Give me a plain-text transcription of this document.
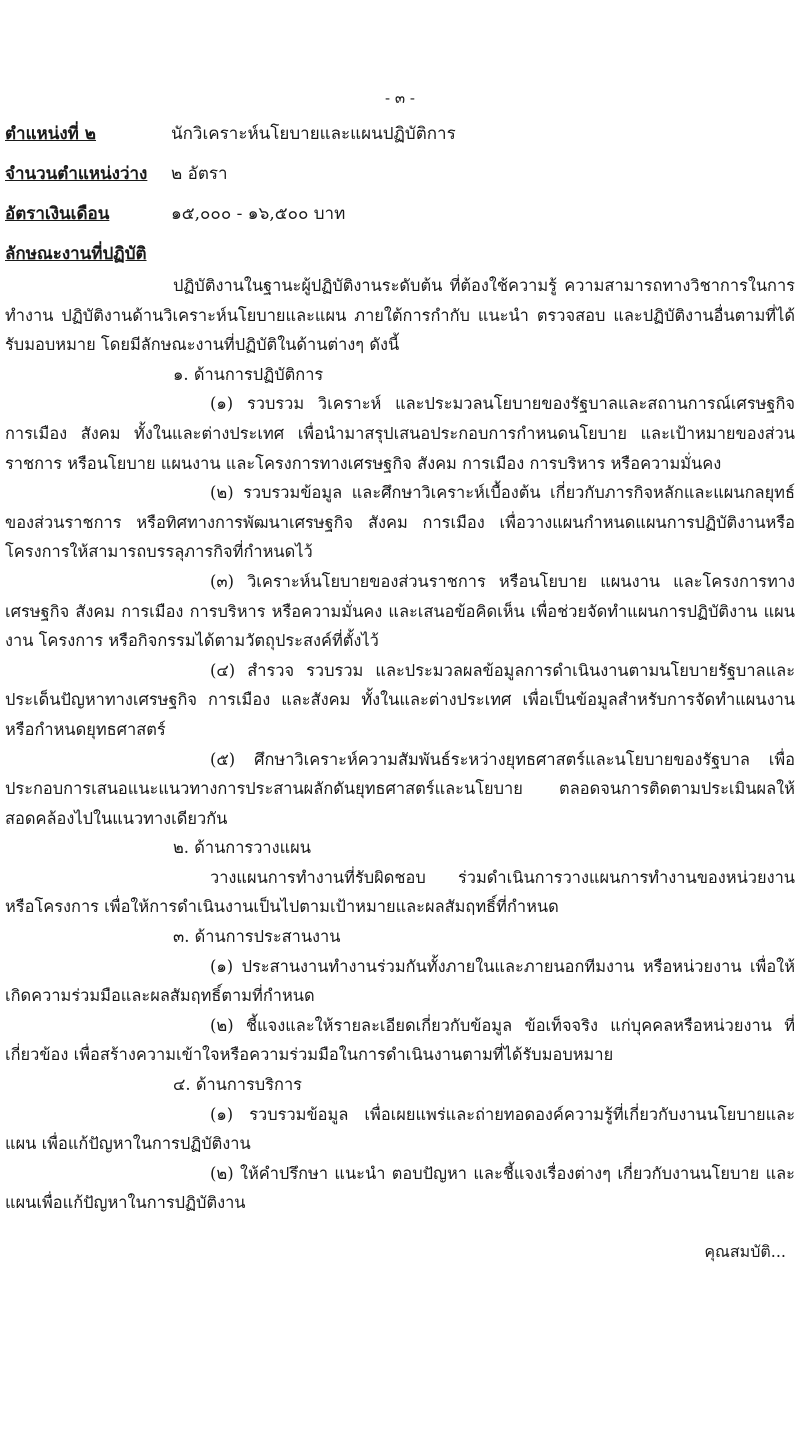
- ๓ -
ตำแหน่งที่ ๒	นักวิเคราะห์นโยบายและแผนปฏิบัติการ
จำนวนตำแหน่งว่าง ๒ อัตรา
อัตราเงินเดือน	๑๕,๐๐๐ - ๑๖,๕๐๐ บาท
ลักษณะงานที่ปฏิบัติ

ปฏิบัติงานในฐานะผู้ปฏิบัติงานระดับต้น ที่ต้องใช้ความรู้ ความสามารถทางวิชาการในการทำงาน ปฏิบัติงานด้านวิเคราะห์นโยบายและแผน ภายใต้การกำกับ แนะนำ ตรวจสอบ และปฏิบัติงานอื่นตามที่ได้รับมอบหมาย โดยมีลักษณะงานที่ปฏิบัติในด้านต่างๆ ดังนี้

๑. ด้านการปฏิบัติการ

(๑) รวบรวม วิเคราะห์ และประมวลนโยบายของรัฐบาลและสถานการณ์เศรษฐกิจ การเมือง สังคม ทั้งในและต่างประเทศ เพื่อนำมาสรุปเสนอประกอบการกำหนดนโยบาย และเป้าหมายของส่วนราชการ หรือนโยบาย แผนงาน และโครงการทางเศรษฐกิจ สังคม การเมือง การบริหาร หรือความมั่นคง

(๒) รวบรวมข้อมูล และศึกษาวิเคราะห์เบื้องต้น เกี่ยวกับภารกิจหลักและแผนกลยุทธ์ของส่วนราชการ หรือทิศทางการพัฒนาเศรษฐกิจ สังคม การเมือง เพื่อวางแผนกำหนดแผนการปฏิบัติงานหรือโครงการให้สามารถบรรลุภารกิจที่กำหนดไว้

(๓) วิเคราะห์นโยบายของส่วนราชการ หรือนโยบาย แผนงาน และโครงการทางเศรษฐกิจ สังคม การเมือง การบริหาร หรือความมั่นคง และเสนอข้อคิดเห็น เพื่อช่วยจัดทำแผนการปฏิบัติงาน แผนงาน โครงการ หรือกิจกรรมได้ตามวัตถุประสงค์ที่ตั้งไว้

(๔) สำรวจ รวบรวม และประมวลผลข้อมูลการดำเนินงานตามนโยบายรัฐบาลและประเด็นปัญหาทางเศรษฐกิจ การเมือง และสังคม ทั้งในและต่างประเทศ เพื่อเป็นข้อมูลสำหรับการจัดทำแผนงาน หรือกำหนดยุทธศาสตร์

(๕) ศึกษาวิเคราะห์ความสัมพันธ์ระหว่างยุทธศาสตร์และนโยบายของรัฐบาล เพื่อประกอบการเสนอแนะแนวทางการประสานผลักดันยุทธศาสตร์และนโยบาย ตลอดจนการติดตามประเมินผลให้สอดคล้องไปในแนวทางเดียวกัน

๒. ด้านการวางแผน

วางแผนการทำงานที่รับผิดชอบ ร่วมดำเนินการวางแผนการทำงานของหน่วยงาน หรือโครงการ เพื่อให้การดำเนินงานเป็นไปตามเป้าหมายและผลสัมฤทธิ์ที่กำหนด

๓. ด้านการประสานงาน

(๑) ประสานงานทำงานร่วมกันทั้งภายในและภายนอกทีมงาน หรือหน่วยงาน เพื่อให้เกิดความร่วมมือและผลสัมฤทธิ์ตามที่กำหนด

(๒) ชี้แจงและให้รายละเอียดเกี่ยวกับข้อมูล ข้อเท็จจริง แก่บุคคลหรือหน่วยงาน ที่เกี่ยวข้อง เพื่อสร้างความเข้าใจหรือความร่วมมือในการดำเนินงานตามที่ได้รับมอบหมาย

๔. ด้านการบริการ

(๑) รวบรวมข้อมูล เพื่อเผยแพร่และถ่ายทอดองค์ความรู้ที่เกี่ยวกับงานนโยบายและแผน เพื่อแก้ปัญหาในการปฏิบัติงาน

(๒) ให้คำปรึกษา แนะนำ ตอบปัญหา และชี้แจงเรื่องต่างๆ เกี่ยวกับงานนโยบาย และแผนเพื่อแก้ปัญหาในการปฏิบัติงาน

คุณสมบัติ...
